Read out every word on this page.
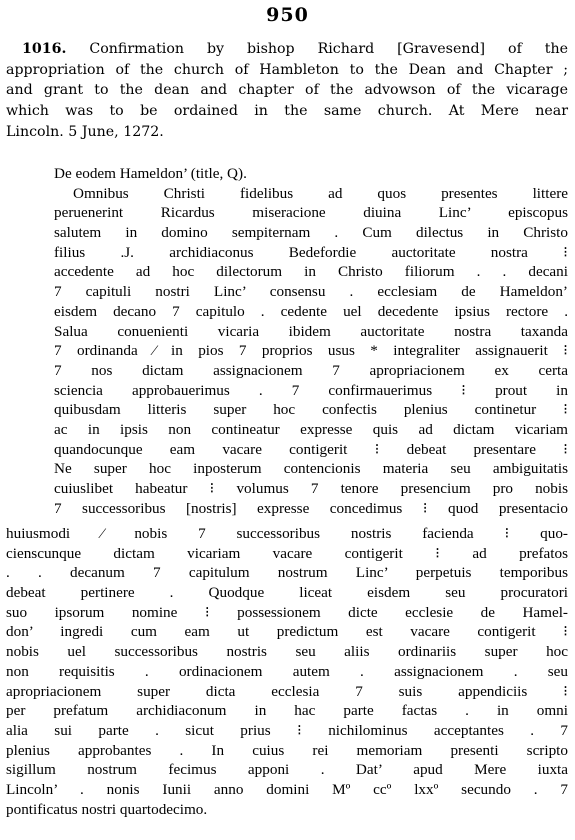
950
1016. Confirmation by bishop Richard [Gravesend] of the
appropriation of the church of Hambleton to the Dean and Chapter ;
and grant to the dean and chapter of the advowson of the vicarage
which was to be ordained in the same church. At Mere near
Lincoln. 5 June, 1272.
De eodem Hameldon’ (title, Q).
Omnibus Christi fidelibus ad quos presentes littere
peruenerint Ricardus miseracione diuina Linc’ episcopus
salutem in domino sempiternam . Cum dilectus in Christo
filius .J. archidiaconus Bedefordie auctoritate nostra ⁝
accedente ad hoc dilectorum in Christo filiorum . . decani
7 capituli nostri Linc’ consensu . ecclesiam de Hameldon’
eisdem decano 7 capitulo . cedente uel decedente ipsius rectore .
Salua conuenienti vicaria ibidem auctoritate nostra taxanda
7 ordinanda ⁄ in pios 7 proprios usus * integraliter assignauerit ⁝
7 nos dictam assignacionem 7 apropriacionem ex certa
sciencia approbauerimus . 7 confirmauerimus ⁝ prout in
quibusdam litteris super hoc confectis plenius continetur ⁝
ac in ipsis non contineatur expresse quis ad dictam vicariam
quandocunque eam vacare contigerit ⁝ debeat presentare ⁝
Ne super hoc inposterum contencionis materia seu ambiguitatis
cuiuslibet habeatur ⁝ volumus 7 tenore presencium pro nobis
7 successoribus [nostris] expresse concedimus ⁝ quod presentacio
huiusmodi ⁄ nobis 7 successoribus nostris facienda ⁝ quo-
cienscunque dictam vicariam vacare contigerit ⁝ ad prefatos
. . decanum 7 capitulum nostrum Linc’ perpetuis temporibus
debeat pertinere . Quodque liceat eisdem seu procuratori
suo ipsorum nomine ⁝ possessionem dicte ecclesie de Hamel-
don’ ingredi cum eam ut predictum est vacare contigerit ⁝
nobis uel successoribus nostris seu aliis ordinariis super hoc
non requisitis . ordinacionem autem . assignacionem . seu
apropriacionem super dicta ecclesia 7 suis appendiciis ⁝
per prefatum archidiaconum in hac parte factas . in omni
alia sui parte . sicut prius ⁝ nichilominus acceptantes . 7
plenius approbantes . In cuius rei memoriam presenti scripto
sigillum nostrum fecimus apponi . Dat’ apud Mere iuxta
Lincoln’ . nonis Iunii anno domini Mº ccº lxxº secundo . 7
pontificatus nostri quartodecimo.
